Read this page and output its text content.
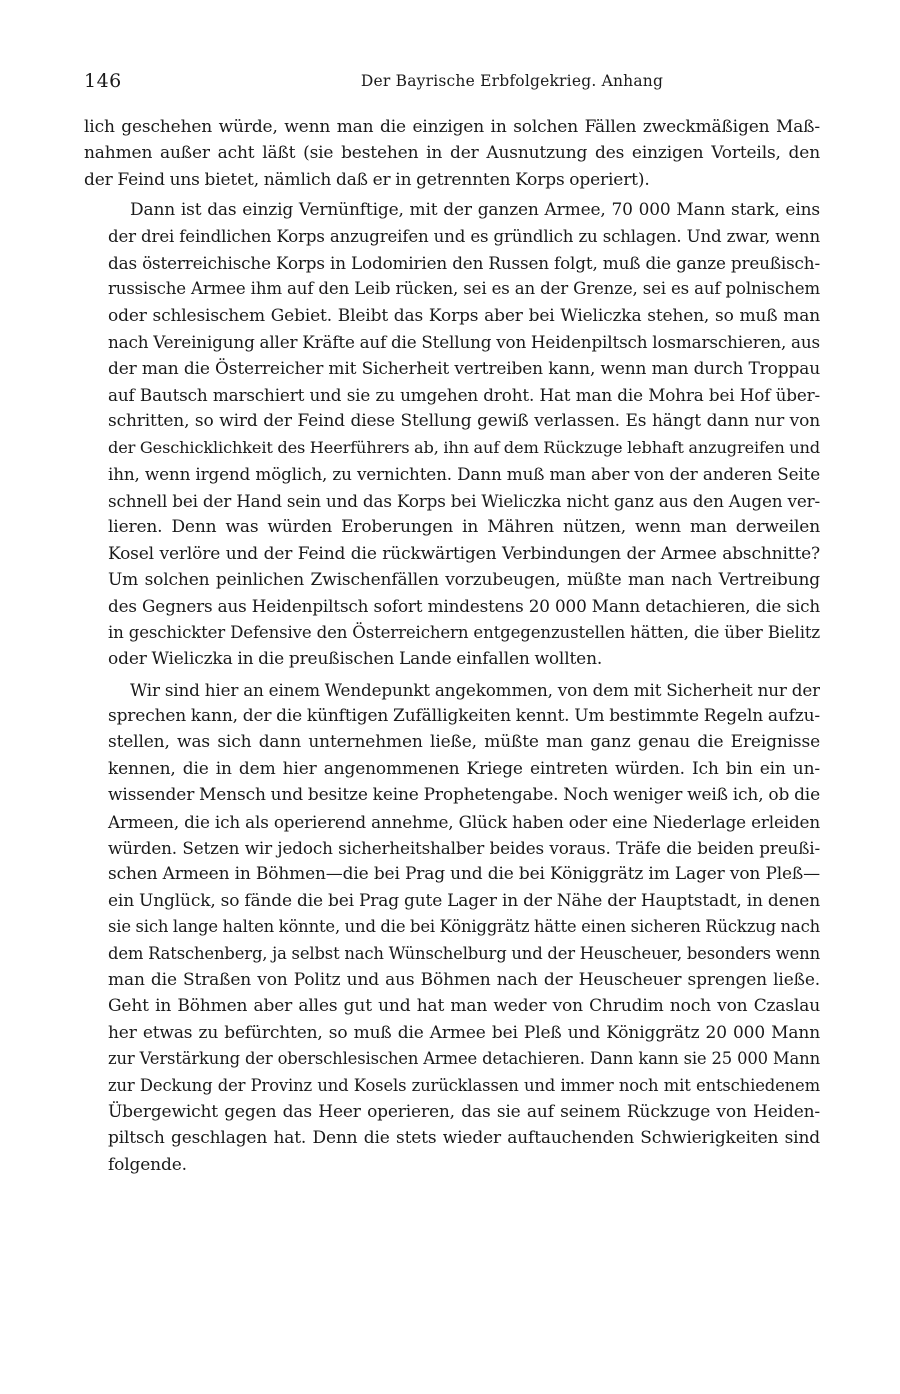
146	Der Bayrische Erbfolgekrieg. Anhang

lich geschehen würde, wenn man die einzigen in solchen Fällen zweckmäßigen Maß-
nahmen außer acht läßt (sie bestehen in der Ausnutzung des einzigen Vorteils, den
der Feind uns bietet, nämlich daß er in getrennten Korps operiert).

Dann ist das einzig Vernünftige, mit der ganzen Armee, 70 000 Mann stark, eins
der drei feindlichen Korps anzugreifen und es gründlich zu schlagen. Und zwar, wenn
das österreichische Korps in Lodomirien den Russen folgt, muß die ganze preußisch-
russische Armee ihm auf den Leib rücken, sei es an der Grenze, sei es auf polnischem
oder schlesischem Gebiet. Bleibt das Korps aber bei Wieliczka stehen, so muß man
nach Vereinigung aller Kräfte auf die Stellung von Heidenpiltsch losmarschieren, aus
der man die Österreicher mit Sicherheit vertreiben kann, wenn man durch Troppau
auf Bautsch marschiert und sie zu umgehen droht. Hat man die Mohra bei Hof über-
schritten, so wird der Feind diese Stellung gewiß verlassen. Es hängt dann nur von
der Geschicklichkeit des Heerführers ab, ihn auf dem Rückzuge lebhaft anzugreifen und
ihn, wenn irgend möglich, zu vernichten. Dann muß man aber von der anderen Seite
schnell bei der Hand sein und das Korps bei Wieliczka nicht ganz aus den Augen ver-
lieren. Denn was würden Eroberungen in Mähren nützen, wenn man derweilen
Kosel verlöre und der Feind die rückwärtigen Verbindungen der Armee abschnitte?
Um solchen peinlichen Zwischenfällen vorzubeugen, müßte man nach Vertreibung
des Gegners aus Heidenpiltsch sofort mindestens 20 000 Mann detachieren, die sich
in geschickter Defensive den Österreichern entgegenzustellen hätten, die über Bielitz
oder Wieliczka in die preußischen Lande einfallen wollten.

Wir sind hier an einem Wendepunkt angekommen, von dem mit Sicherheit nur der
sprechen kann, der die künftigen Zufälligkeiten kennt. Um bestimmte Regeln aufzu-
stellen, was sich dann unternehmen ließe, müßte man ganz genau die Ereignisse
kennen, die in dem hier angenommenen Kriege eintreten würden. Ich bin ein un-
wissender Mensch und besitze keine Prophetengabe. Noch weniger weiß ich, ob die
Armeen, die ich als operierend annehme, Glück haben oder eine Niederlage erleiden
würden. Setzen wir jedoch sicherheitshalber beides voraus. Träfe die beiden preußi-
schen Armeen in Böhmen—die bei Prag und die bei Königgrätz im Lager von Pleß—
ein Unglück, so fände die bei Prag gute Lager in der Nähe der Hauptstadt, in denen
sie sich lange halten könnte, und die bei Königgrätz hätte einen sicheren Rückzug nach
dem Ratschenberg, ja selbst nach Wünschelburg und der Heuscheuer, besonders wenn
man die Straßen von Politz und aus Böhmen nach der Heuscheuer sprengen ließe.
Geht in Böhmen aber alles gut und hat man weder von Chrudim noch von Czaslau
her etwas zu befürchten, so muß die Armee bei Pleß und Königgrätz 20 000 Mann
zur Verstärkung der oberschlesischen Armee detachieren. Dann kann sie 25 000 Mann
zur Deckung der Provinz und Kosels zurücklassen und immer noch mit entschiedenem
Übergewicht gegen das Heer operieren, das sie auf seinem Rückzuge von Heiden-
piltsch geschlagen hat. Denn die stets wieder auftauchenden Schwierigkeiten sind
folgende.
